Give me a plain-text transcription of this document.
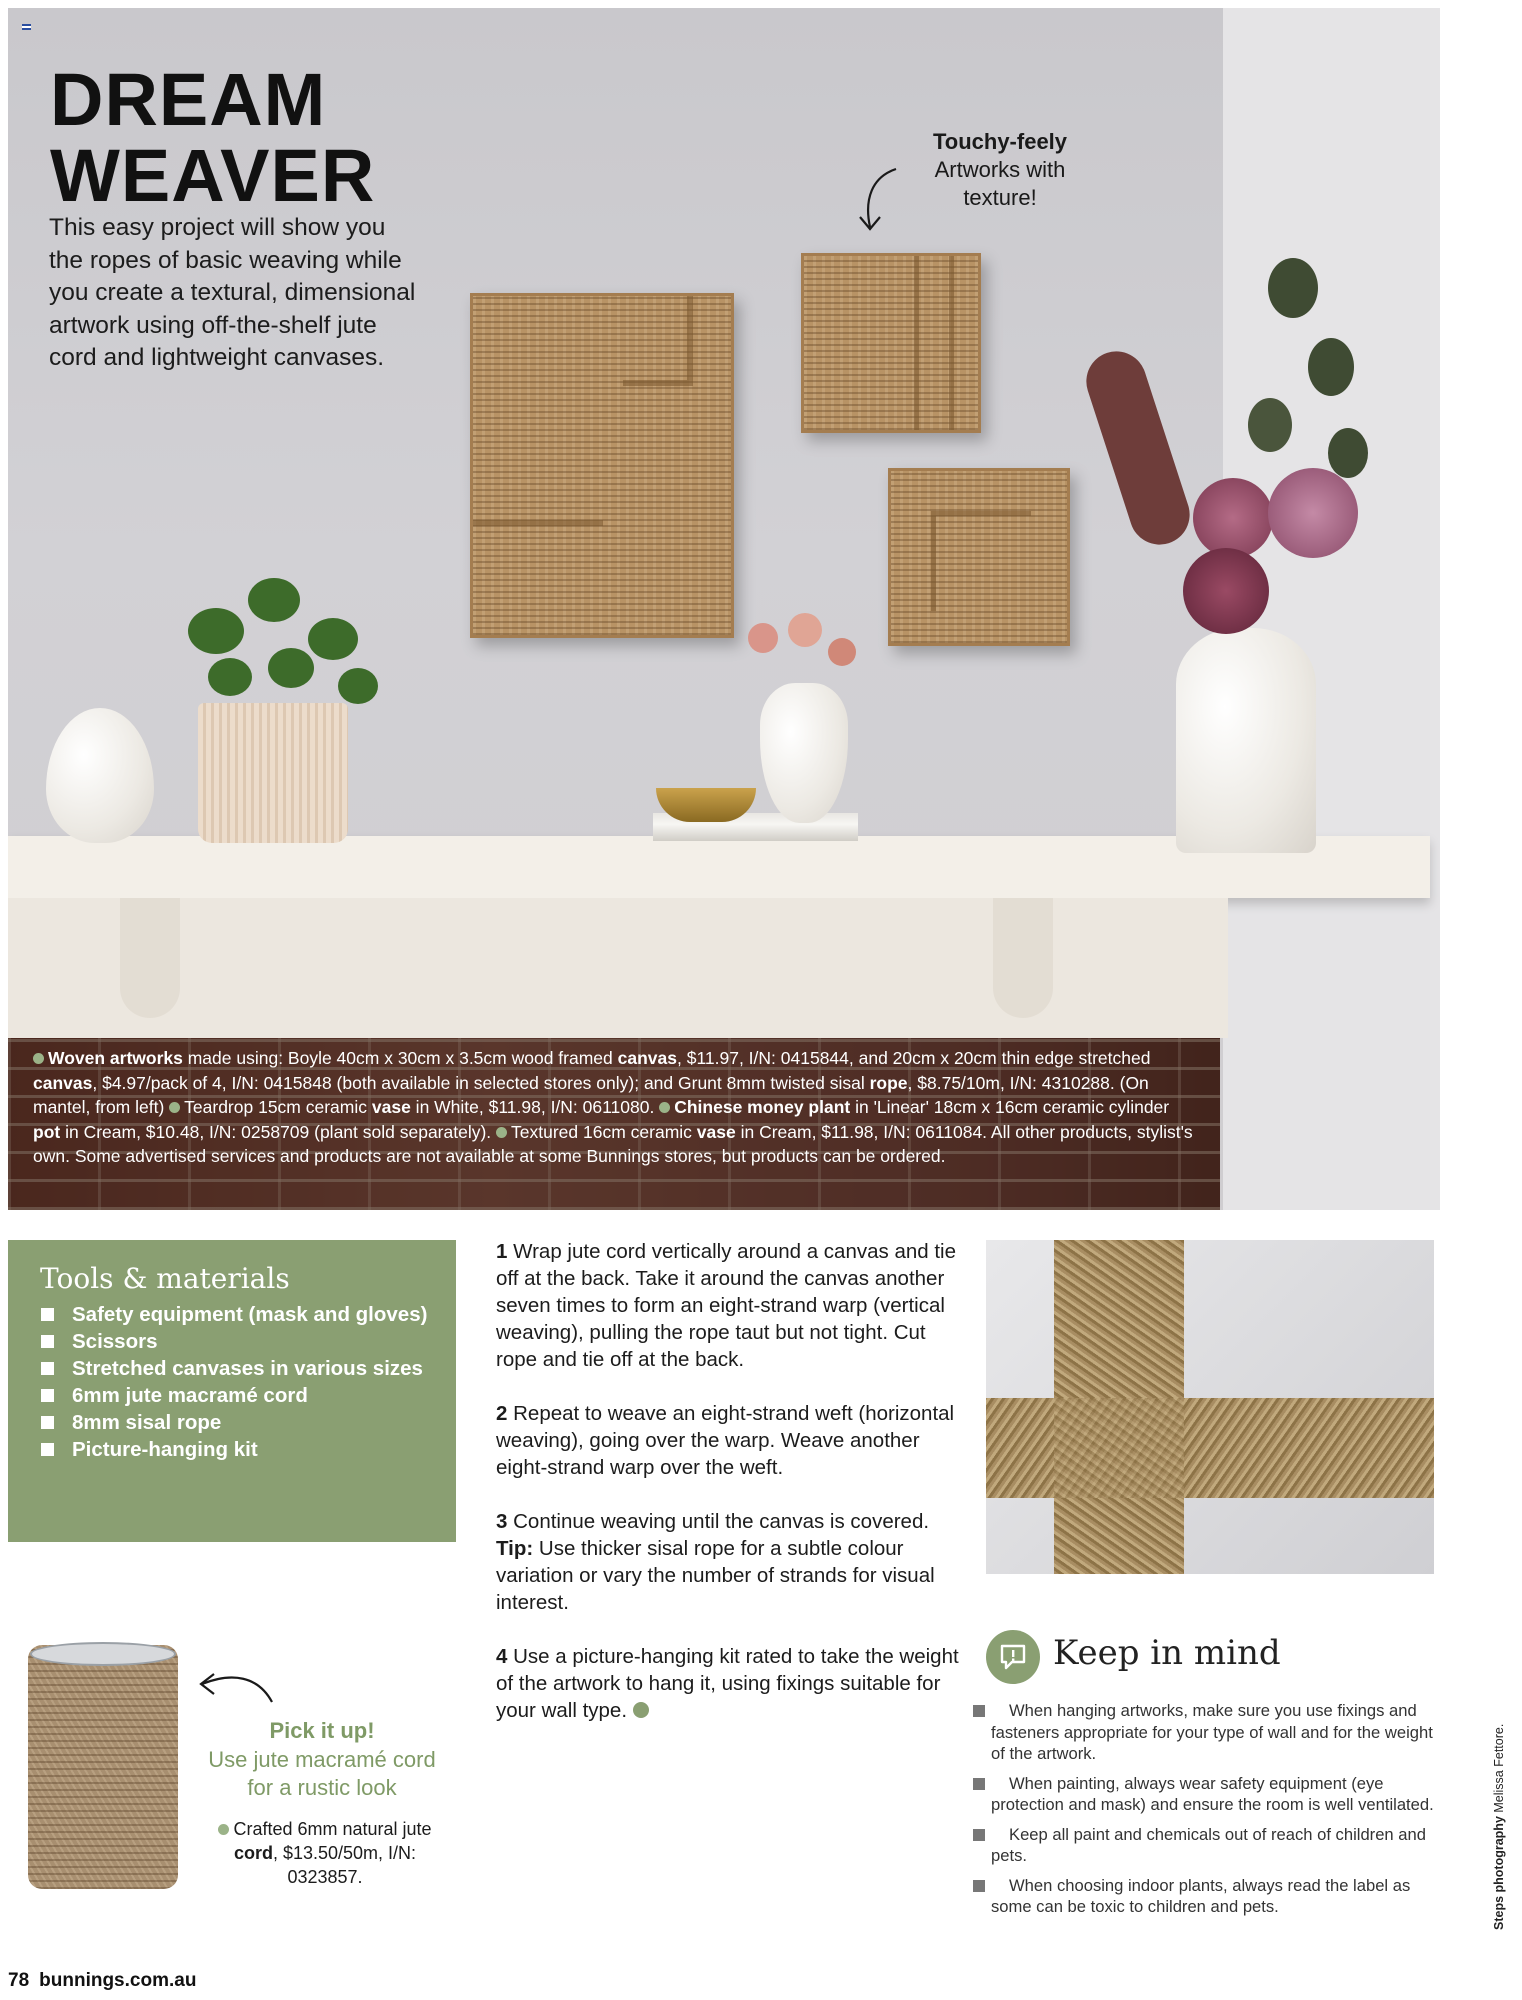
DREAM
WEAVER

This easy project will show you the ropes of basic weaving while you create a textural, dimensional artwork using off-the-shelf jute cord and lightweight canvases.

Touchy-feely
Artworks with
texture!

Woven artworks made using: Boyle 40cm x 30cm x 3.5cm wood framed canvas, $11.97, I/N: 0415844, and 20cm x 20cm thin edge stretched canvas, $4.97/pack of 4, I/N: 0415848 (both available in selected stores only); and Grunt 8mm twisted sisal rope, $8.75/10m, I/N: 4310288. (On mantel, from left) Teardrop 15cm ceramic vase in White, $11.98, I/N: 0611080. Chinese money plant in 'Linear' 18cm x 16cm ceramic cylinder pot in Cream, $10.48, I/N: 0258709 (plant sold separately). Textured 16cm ceramic vase in Cream, $11.98, I/N: 0611084. All other products, stylist's own. Some advertised services and products are not available at some Bunnings stores, but products can be ordered.

Tools & materials
Safety equipment (mask and gloves)
Scissors
Stretched canvases in various sizes
6mm jute macramé cord
8mm sisal rope
Picture-hanging kit

1 Wrap jute cord vertically around a canvas and tie off at the back. Take it around the canvas another seven times to form an eight-strand warp (vertical weaving), pulling the rope taut but not tight. Cut rope and tie off at the back.

2 Repeat to weave an eight-strand weft (horizontal weaving), going over the warp. Weave another eight-strand warp over the weft.

3 Continue weaving until the canvas is covered. Tip: Use thicker sisal rope for a subtle colour variation or vary the number of strands for visual interest.

4 Use a picture-hanging kit rated to take the weight of the artwork to hang it, using fixings suitable for your wall type.

Pick it up!
Use jute macramé cord for a rustic look

Crafted 6mm natural jute cord, $13.50/50m, I/N: 0323857.

Keep in mind
When hanging artworks, make sure you use fixings and fasteners appropriate for your type of wall and for the weight of the artwork.
When painting, always wear safety equipment (eye protection and mask) and ensure the room is well ventilated.
Keep all paint and chemicals out of reach of children and pets.
When choosing indoor plants, always read the label as some can be toxic to children and pets.	Steps photography Melissa Fettore.
78 bunnings.com.au
